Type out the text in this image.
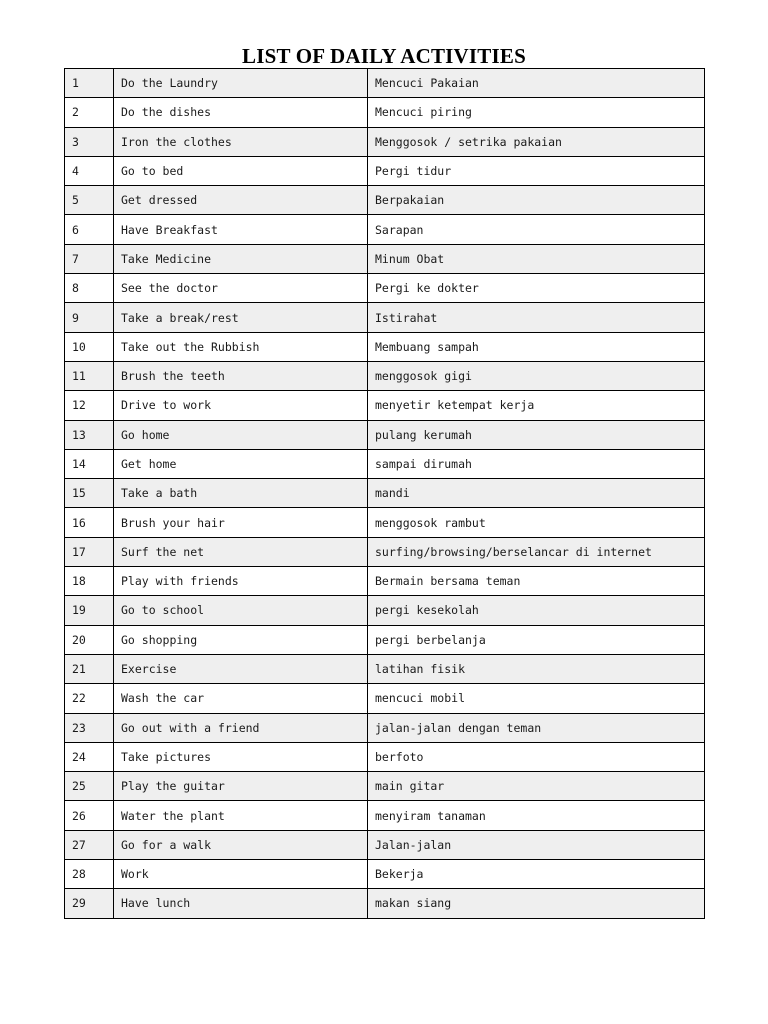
LIST OF DAILY ACTIVITIES
1	Do the Laundry	Mencuci Pakaian
2	Do the dishes	Mencuci piring
3	Iron the clothes	Menggosok / setrika pakaian
4	Go to bed	Pergi tidur
5	Get dressed	Berpakaian
6	Have Breakfast	Sarapan
7	Take Medicine	Minum Obat
8	See the doctor	Pergi ke dokter
9	Take a break/rest	Istirahat
10	Take out the Rubbish	Membuang sampah
11	Brush the teeth	menggosok gigi
12	Drive to work	menyetir ketempat kerja
13	Go home	pulang kerumah
14	Get home	sampai dirumah
15	Take a bath	mandi
16	Brush your hair	menggosok rambut
17	Surf the net	surfing/browsing/berselancar di internet
18	Play with friends	Bermain bersama teman
19	Go to school	pergi kesekolah
20	Go shopping	pergi berbelanja
21	Exercise	latihan fisik
22	Wash the car	mencuci mobil
23	Go out with a friend	jalan-jalan dengan teman
24	Take pictures	berfoto
25	Play the guitar	main gitar
26	Water the plant	menyiram tanaman
27	Go for a walk	Jalan-jalan
28	Work	Bekerja
29	Have lunch	makan siang
